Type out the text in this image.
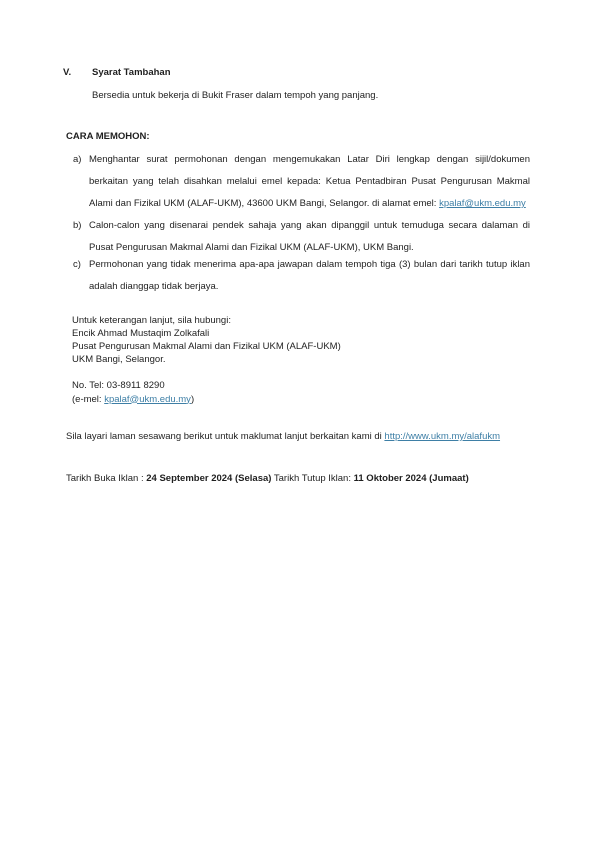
V.	Syarat Tambahan
Bersedia untuk bekerja di Bukit Fraser dalam tempoh yang panjang.
CARA MEMOHON:
a) Menghantar surat permohonan dengan mengemukakan Latar Diri lengkap dengan sijil/dokumen berkaitan yang telah disahkan melalui emel kepada: Ketua Pentadbiran Pusat Pengurusan Makmal Alami dan Fizikal UKM (ALAF-UKM), 43600 UKM Bangi, Selangor. di alamat emel: kpalaf@ukm.edu.my
b) Calon-calon yang disenarai pendek sahaja yang akan dipanggil untuk temuduga secara dalaman di Pusat Pengurusan Makmal Alami dan Fizikal UKM (ALAF-UKM), UKM Bangi.
c) Permohonan yang tidak menerima apa-apa jawapan dalam tempoh tiga (3) bulan dari tarikh tutup iklan adalah dianggap tidak berjaya.
Untuk keterangan lanjut, sila hubungi:
Encik Ahmad Mustaqim Zolkafali
Pusat Pengurusan Makmal Alami dan Fizikal UKM (ALAF-UKM)
UKM Bangi, Selangor.
No. Tel: 03-8911 8290
(e-mel: kpalaf@ukm.edu.my)
Sila layari laman sesawang berikut untuk maklumat lanjut berkaitan kami di http://www.ukm.my/alafukm
Tarikh Buka Iklan : 24 September 2024 (Selasa) Tarikh Tutup Iklan: 11 Oktober 2024 (Jumaat)
